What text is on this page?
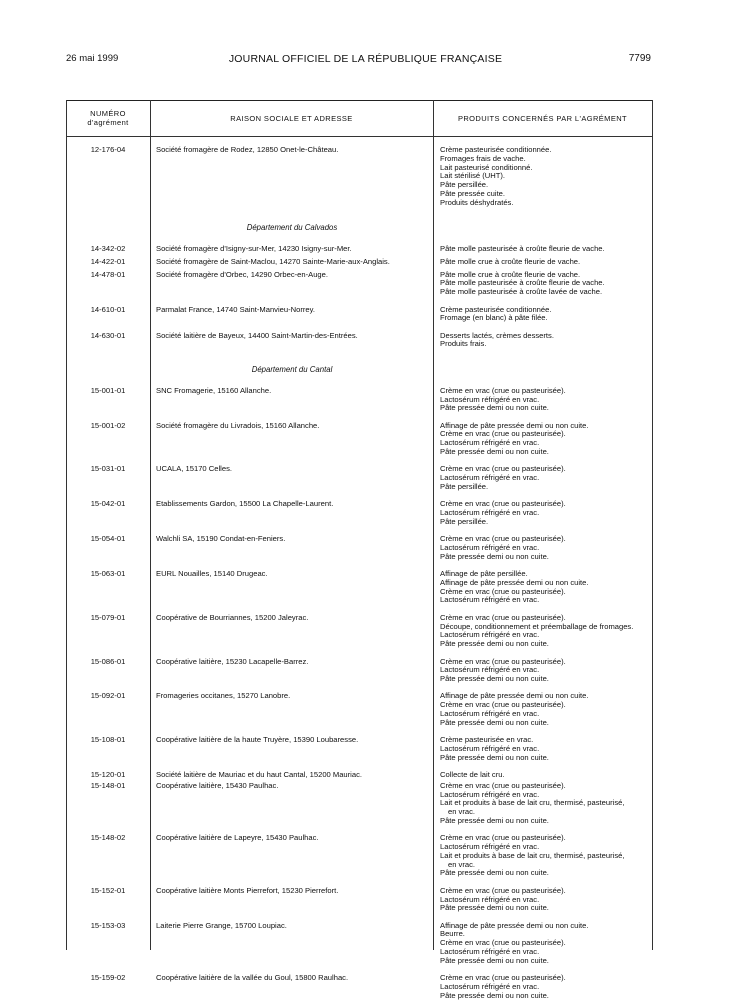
26 mai 1999	JOURNAL OFFICIEL DE LA RÉPUBLIQUE FRANÇAISE	7799
NUMÉRO
d'agrément	RAISON SOCIALE ET ADRESSE	PRODUITS CONCERNÉS PAR L'AGRÉMENT
12-176-04	Société fromagère de Rodez, 12850 Onet-le-Château.	Crème pasteurisée conditionnée.
Fromages frais de vache.
Lait pasteurisé conditionné.
Lait stérilisé (UHT).
Pâte persillée.
Pâte pressée cuite.
Produits déshydratés.
Département du Calvados
14-342-02	Société fromagère d'Isigny-sur-Mer, 14230 Isigny-sur-Mer.	Pâte molle pasteurisée à croûte fleurie de vache.
14-422-01	Société fromagère de Saint-Maclou, 14270 Sainte-Marie-aux-Anglais.	Pâte molle crue à croûte fleurie de vache.
14-478-01	Société fromagère d'Orbec, 14290 Orbec-en-Auge.	Pâte molle crue à croûte fleurie de vache.
Pâte molle pasteurisée à croûte fleurie de vache.
Pâte molle pasteurisée à croûte lavée de vache.
14-610-01	Parmalat France, 14740 Saint-Manvieu-Norrey.	Crème pasteurisée conditionnée.
Fromage (en blanc) à pâte filée.
14-630-01	Société laitière de Bayeux, 14400 Saint-Martin-des-Entrées.	Desserts lactés, crèmes desserts.
Produits frais.
Département du Cantal
15-001-01	SNC Fromagerie, 15160 Allanche.	Crème en vrac (crue ou pasteurisée).
Lactosérum réfrigéré en vrac.
Pâte pressée demi ou non cuite.
15-001-02	Société fromagère du Livradois, 15160 Allanche.	Affinage de pâte pressée demi ou non cuite.
Crème en vrac (crue ou pasteurisée).
Lactosérum réfrigéré en vrac.
Pâte pressée demi ou non cuite.
15-031-01	UCALA, 15170 Celles.	Crème en vrac (crue ou pasteurisée).
Lactosérum réfrigéré en vrac.
Pâte persillée.
15-042-01	Etablissements Gardon, 15500 La Chapelle-Laurent.	Crème en vrac (crue ou pasteurisée).
Lactosérum réfrigéré en vrac.
Pâte persillée.
15-054-01	Walchli SA, 15190 Condat-en-Feniers.	Crème en vrac (crue ou pasteurisée).
Lactosérum réfrigéré en vrac.
Pâte pressée demi ou non cuite.
15-063-01	EURL Nouailles, 15140 Drugeac.	Affinage de pâte persillée.
Affinage de pâte pressée demi ou non cuite.
Crème en vrac (crue ou pasteurisée).
Lactosérum réfrigéré en vrac.
15-079-01	Coopérative de Bourriannes, 15200 Jaleyrac.	Crème en vrac (crue ou pasteurisée).
Découpe, conditionnement et préemballage de fromages.
Lactosérum réfrigéré en vrac.
Pâte pressée demi ou non cuite.
15-086-01	Coopérative laitière, 15230 Lacapelle-Barrez.	Crème en vrac (crue ou pasteurisée).
Lactosérum réfrigéré en vrac.
Pâte pressée demi ou non cuite.
15-092-01	Fromageries occitanes, 15270 Lanobre.	Affinage de pâte pressée demi ou non cuite.
Crème en vrac (crue ou pasteurisée).
Lactosérum réfrigéré en vrac.
Pâte pressée demi ou non cuite.
15-108-01	Coopérative laitière de la haute Truyère, 15390 Loubaresse.	Crème pasteurisée en vrac.
Lactosérum réfrigéré en vrac.
Pâte pressée demi ou non cuite.
15-120-01	Société laitière de Mauriac et du haut Cantal, 15200 Mauriac.	Collecte de lait cru.
15-148-01	Coopérative laitière, 15430 Paulhac.	Crème en vrac (crue ou pasteurisée).
Lactosérum réfrigéré en vrac.
Lait et produits à base de lait cru, thermisé, pasteurisé,
en vrac.
Pâte pressée demi ou non cuite.
15-148-02	Coopérative laitière de Lapeyre, 15430 Paulhac.	Crème en vrac (crue ou pasteurisée).
Lactosérum réfrigéré en vrac.
Lait et produits à base de lait cru, thermisé, pasteurisé,
en vrac.
Pâte pressée demi ou non cuite.
15-152-01	Coopérative laitière Monts Pierrefort, 15230 Pierrefort.	Crème en vrac (crue ou pasteurisée).
Lactosérum réfrigéré en vrac.
Pâte pressée demi ou non cuite.
15-153-03	Laiterie Pierre Grange, 15700 Loupiac.	Affinage de pâte pressée demi ou non cuite.
Beurre.
Crème en vrac (crue ou pasteurisée).
Lactosérum réfrigéré en vrac.
Pâte pressée demi ou non cuite.
15-159-02	Coopérative laitière de la vallée du Goul, 15800 Raulhac.	Crème en vrac (crue ou pasteurisée).
Lactosérum réfrigéré en vrac.
Pâte pressée demi ou non cuite.
